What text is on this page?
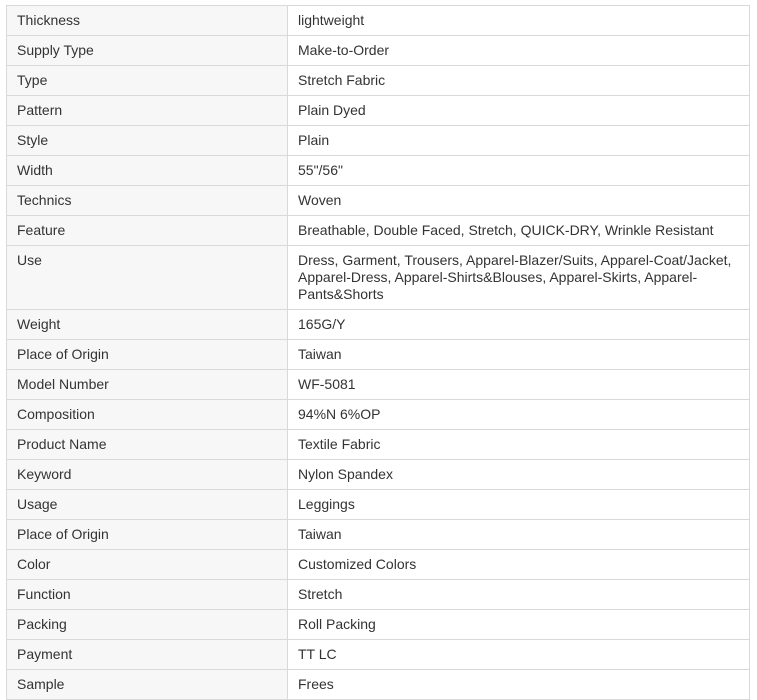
Thickness	lightweight
Supply Type	Make-to-Order
Type	Stretch Fabric
Pattern	Plain Dyed
Style	Plain
Width	55"/56"
Technics	Woven
Feature	Breathable, Double Faced, Stretch, QUICK-DRY, Wrinkle Resistant
Use	Dress, Garment, Trousers, Apparel-Blazer/Suits, Apparel-Coat/Jacket, Apparel-Dress, Apparel-Shirts&Blouses, Apparel-Skirts, Apparel-Pants&Shorts
Weight	165G/Y
Place of Origin	Taiwan
Model Number	WF-5081
Composition	94%N 6%OP
Product Name	Textile Fabric
Keyword	Nylon Spandex
Usage	Leggings
Place of Origin	Taiwan
Color	Customized Colors
Function	Stretch
Packing	Roll Packing
Payment	TT LC
Sample	Frees
